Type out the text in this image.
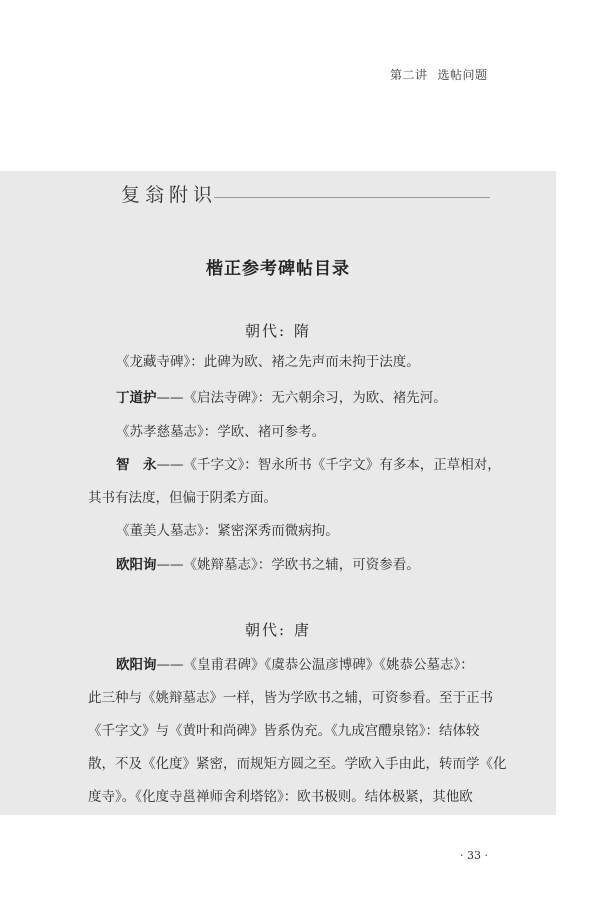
第二讲 选帖问题
复翁附识
楷正参考碑帖目录
朝代: 隋
《龙藏寺碑》：此碑为欧、褚之先声而未拘于法度。
丁道护——《启法寺碑》：无六朝余习，为欧、褚先河。
《苏孝慈墓志》：学欧、褚可参考。
智　永——《千字文》：智永所书《千字文》有多本，正草相对，
其书有法度，但偏于阴柔方面。
《董美人墓志》：紧密深秀而微病拘。
欧阳询——《姚辩墓志》：学欧书之辅，可资参看。
朝代: 唐
欧阳询——《皇甫君碑》《虞恭公温彦博碑》《姚恭公墓志》：
此三种与《姚辩墓志》一样，皆为学欧书之辅，可资参看。至于正书
《千字文》与《黄叶和尚碑》皆系伪充。《九成宫醴泉铭》：结体较
散，不及《化度》紧密，而规矩方圆之至。学欧入手由此，转而学《化
度寺》。《化度寺邕禅师舍利塔铭》：欧书极则。结体极紧，其他欧
· 33 ·
